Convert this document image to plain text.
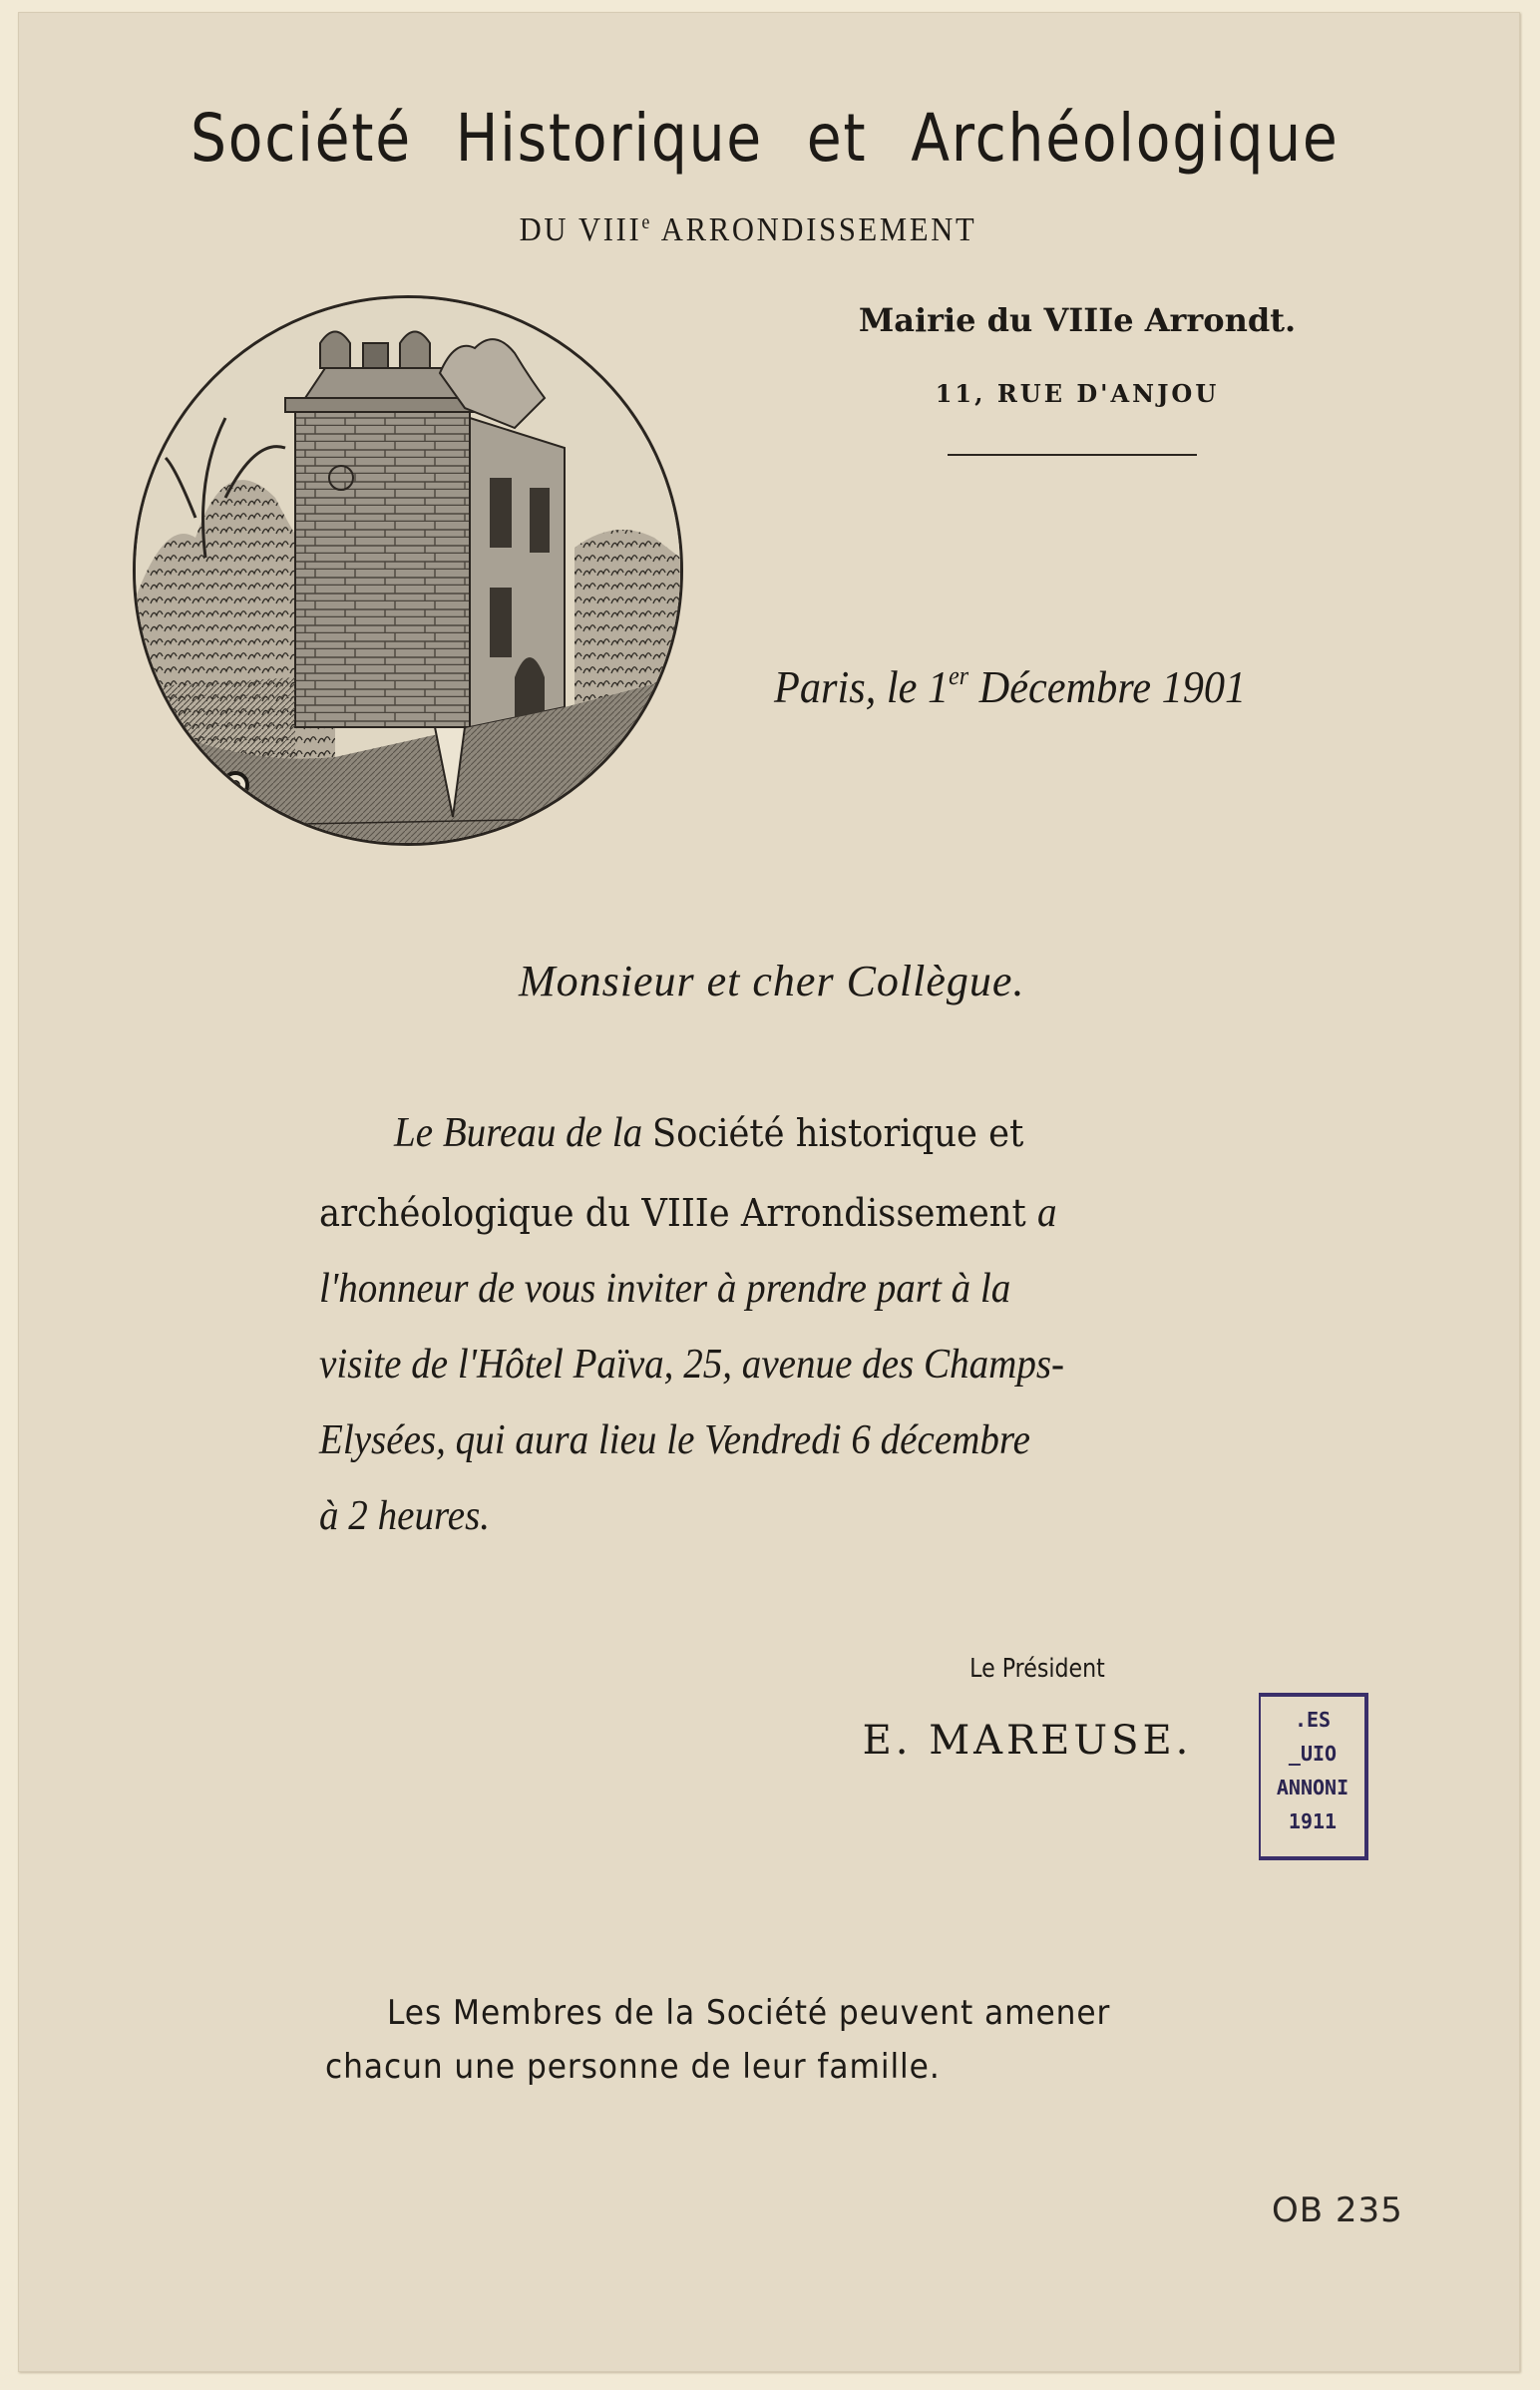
Société Historique et Archéologique
DU VIIIe ARRONDISSEMENT
Mairie du VIIIe Arrondt.
11, RUE D'ANJOU
Paris, le 1er Décembre 1901
Monsieur et cher Collègue.
Le Bureau de la Société historique et
archéologique du VIIIe Arrondissement a
l'honneur de vous inviter à prendre part à la
visite de l'Hôtel Païva, 25, avenue des Champs-
Elysées, qui aura lieu le Vendredi 6 décembre
à 2 heures.
Le Président
E. MAREUSE.	.ES
_UIO
ANNONI
1911
Les Membres de la Société peuvent amener
chacun une personne de leur famille.
OB 235
